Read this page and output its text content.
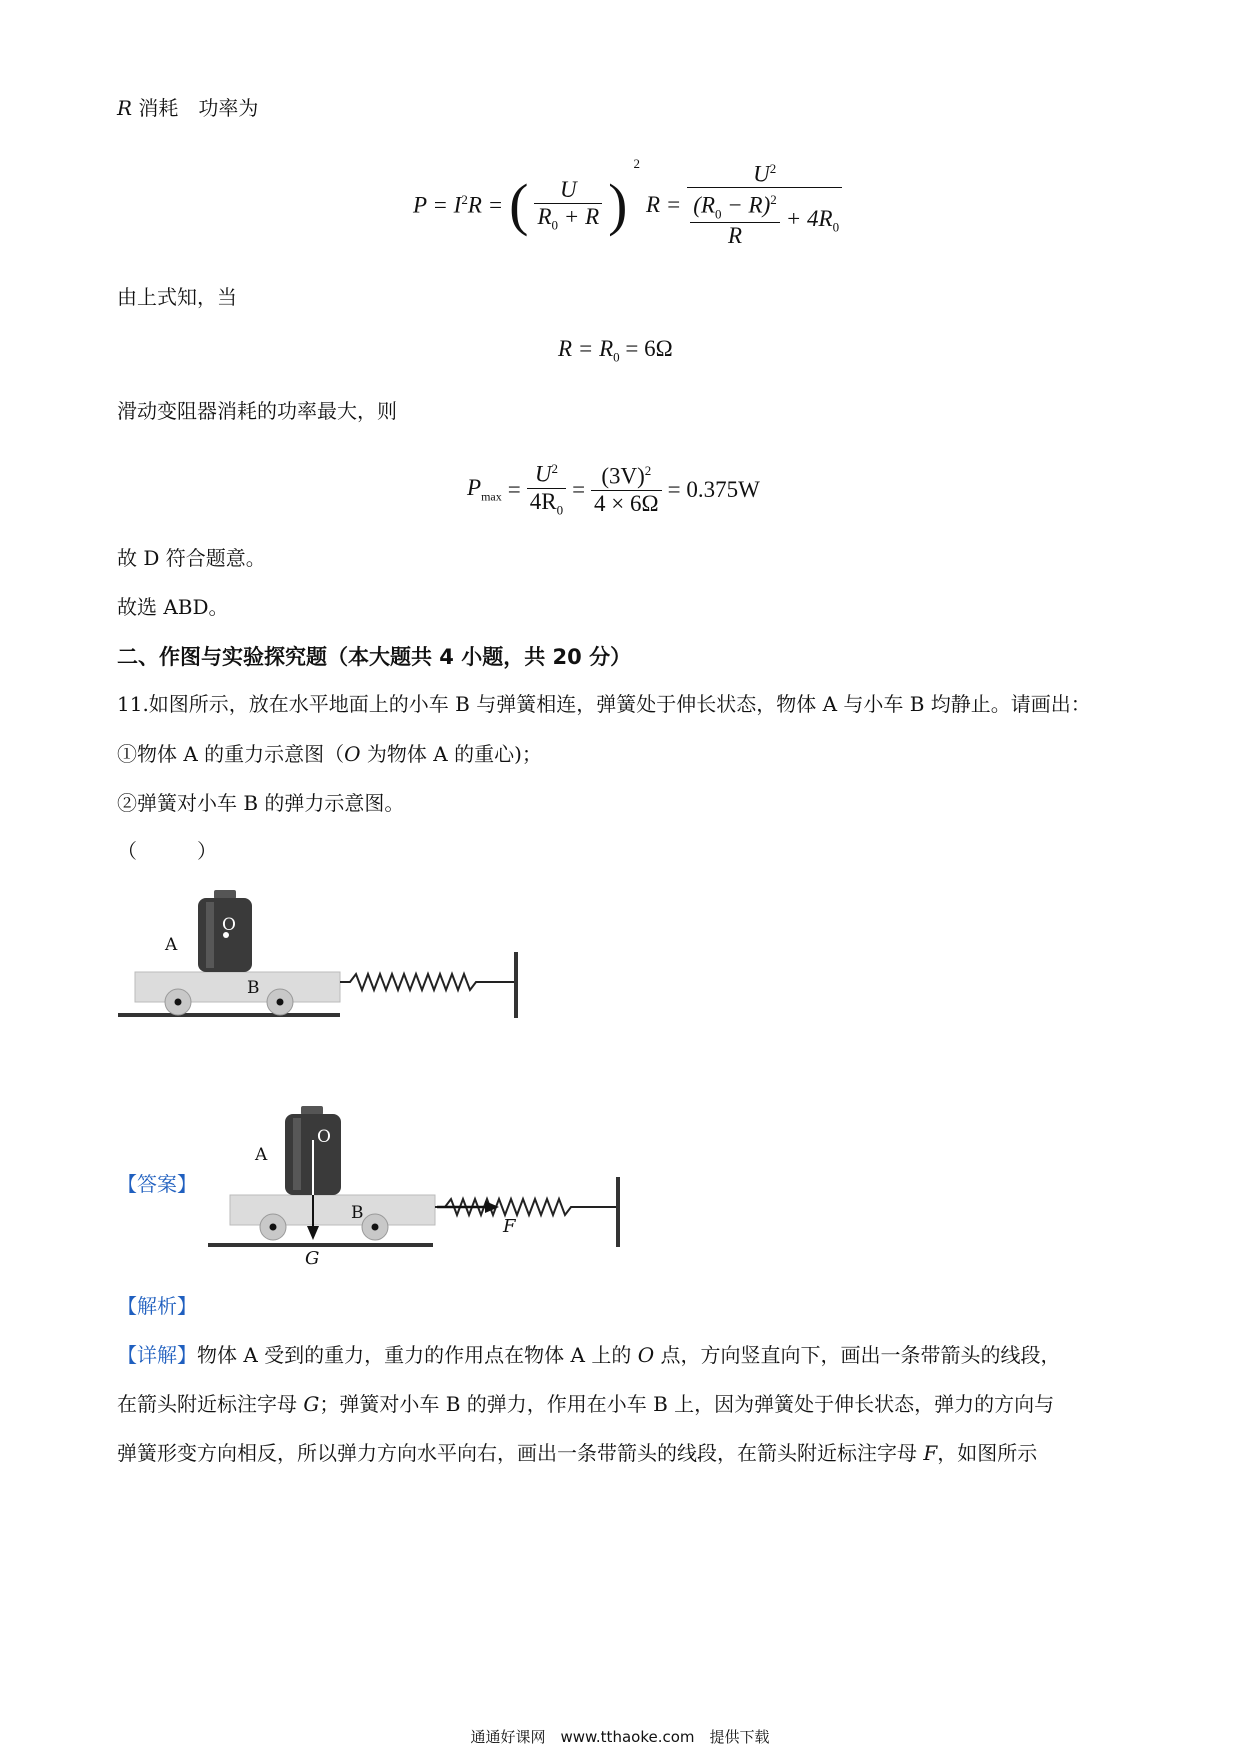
R 消耗　功率为
$P = I^2R$ = ( $\frac{U}{R_0 + R}$ )
2
$R = \frac{U^2}{\frac{(R_0 - R)^2}{R} + 4R_0}$
由上式知，当
$R = R_0 = 6\Omega$
滑动变阻器消耗的功率最大，则
$P_{max} = \frac{U^2}{4R_0} = \frac{(3V)^2}{4 \times 6\Omega} = 0.375W$
故 D 符合题意。
故选 ABD。
二、作图与实验探究题（本大题共 4 小题，共 20 分）
11.如图所示，放在水平地面上的小车 B 与弹簧相连，弹簧处于伸长状态，物体 A 与小车 B 均静止。请画出：
①物体 A 的重力示意图（O 为物体 A 的重心)；
②弹簧对小车 B 的弹力示意图。
（　　　）
O
A
B
【答案】
A
O
B
G
F
【解析】
【详解】物体 A 受到的重力，重力的作用点在物体 A 上的 O 点，方向竖直向下，画出一条带箭头的线段，
在箭头附近标注字母 G；弹簧对小车 B 的弹力，作用在小车 B 上，因为弹簧处于伸长状态，弹力的方向与
弹簧形变方向相反，所以弹力方向水平向右，画出一条带箭头的线段，在箭头附近标注字母 F，如图所示
通通好课网　www.tthaoke.com　提供下载
